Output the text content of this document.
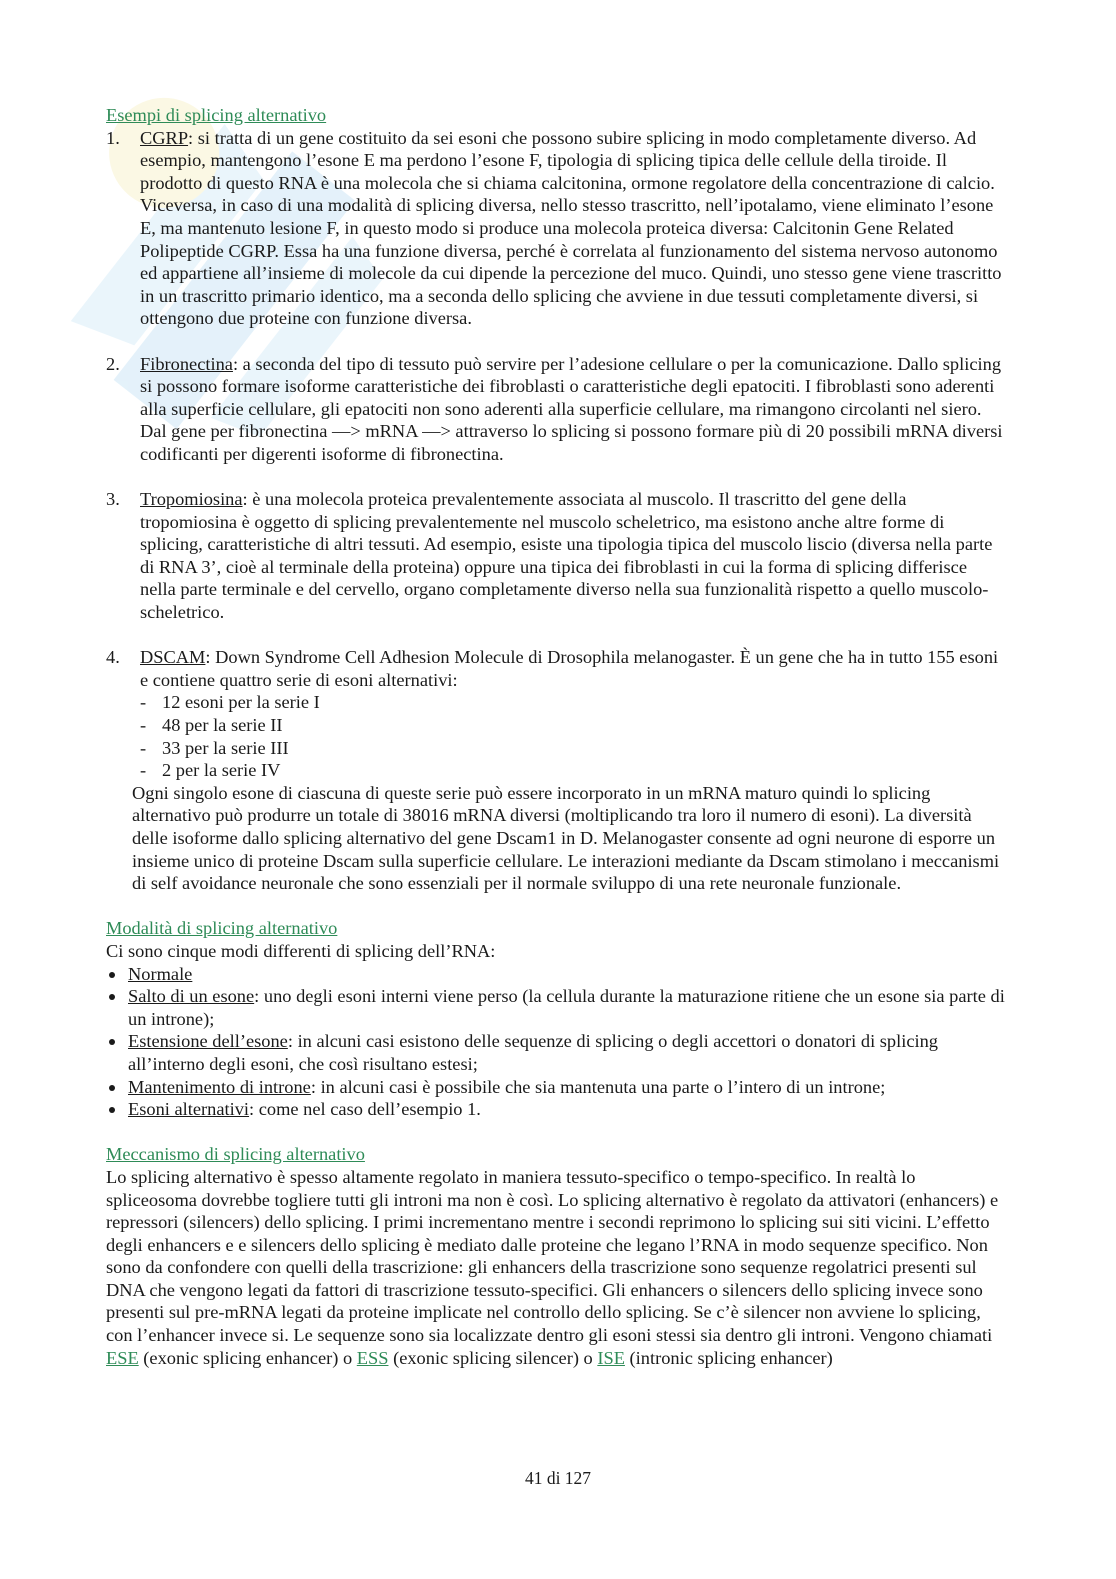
Esempi di splicing alternativo
1. CGRP: si tratta di un gene costituito da sei esoni che possono subire splicing in modo completamente diverso. Ad esempio, mantengono l’esone E ma perdono l’esone F, tipologia di splicing tipica delle cellule della tiroide. Il prodotto di questo RNA è una molecola che si chiama calcitonina, ormone regolatore della concentrazione di calcio. Viceversa, in caso di una modalità di splicing diversa, nello stesso trascritto, nell’ipotalamo, viene eliminato l’esone E, ma mantenuto lesione F, in questo modo si produce una molecola proteica diversa: Calcitonin Gene Related Polipeptide CGRP. Essa ha una funzione diversa, perché è correlata al funzionamento del sistema nervoso autonomo ed appartiene all’insieme di molecole da cui dipende la percezione del muco. Quindi, uno stesso gene viene trascritto in un trascritto primario identico, ma a seconda dello splicing che avviene in due tessuti completamente diversi, si ottengono due proteine con funzione diversa.
2. Fibronectina: a seconda del tipo di tessuto può servire per l’adesione cellulare o per la comunicazione. Dallo splicing si possono formare isoforme caratteristiche dei fibroblasti o caratteristiche degli epatociti. I fibroblasti sono aderenti alla superficie cellulare, gli epatociti non sono aderenti alla superficie cellulare, ma rimangono circolanti nel siero. Dal gene per fibronectina —> mRNA —> attraverso lo splicing si possono formare più di 20 possibili mRNA diversi codificanti per digerenti isoforme di fibronectina.
3. Tropomiosina: è una molecola proteica prevalentemente associata al muscolo. Il trascritto del gene della tropomiosina è oggetto di splicing prevalentemente nel muscolo scheletrico, ma esistono anche altre forme di splicing, caratteristiche di altri tessuti. Ad esempio, esiste una tipologia tipica del muscolo liscio (diversa nella parte di RNA 3’, cioè al terminale della proteina) oppure una tipica dei fibroblasti in cui la forma di splicing differisce nella parte terminale e del cervello, organo completamente diverso nella sua funzionalità rispetto a quello muscolo-scheletrico.
4. DSCAM: Down Syndrome Cell Adhesion Molecule di Drosophila melanogaster. È un gene che ha in tutto 155 esoni e contiene quattro serie di esoni alternativi:
- 12 esoni per la serie I
- 48 per la serie II
- 33 per la serie III
- 2 per la serie IV

Ogni singolo esone di ciascuna di queste serie può essere incorporato in un mRNA maturo quindi lo splicing alternativo può produrre un totale di 38016 mRNA diversi (moltiplicando tra loro il numero di esoni). La diversità delle isoforme dallo splicing alternativo del gene Dscam1 in D. Melanogaster consente ad ogni neurone di esporre un insieme unico di proteine Dscam sulla superficie cellulare. Le interazioni mediante da Dscam stimolano i meccanismi di self avoidance neuronale che sono essenziali per il normale sviluppo di una rete neuronale funzionale.

Modalità di splicing alternativo

Ci sono cinque modi differenti di splicing dell’RNA:

Normale
Salto di un esone: uno degli esoni interni viene perso (la cellula durante la maturazione ritiene che un esone sia parte di un introne);
Estensione dell’esone: in alcuni casi esistono delle sequenze di splicing o degli accettori o donatori di splicing all’interno degli esoni, che così risultano estesi;
Mantenimento di introne: in alcuni casi è possibile che sia mantenuta una parte o l’intero di un introne;
Esoni alternativi: come nel caso dell’esempio 1.
Meccanismo di splicing alternativo

Lo splicing alternativo è spesso altamente regolato in maniera tessuto-specifico o tempo-specifico. In realtà lo spliceosoma dovrebbe togliere tutti gli introni ma non è così. Lo splicing alternativo è regolato da attivatori (enhancers) e repressori (silencers) dello splicing. I primi incrementano mentre i secondi reprimono lo splicing sui siti vicini. L’effetto degli enhancers e e silencers dello splicing è mediato dalle proteine che legano l’RNA in modo sequenze specifico. Non sono da confondere con quelli della trascrizione: gli enhancers della trascrizione sono sequenze regolatrici presenti sul DNA che vengono legati da fattori di trascrizione tessuto-specifici. Gli enhancers o silencers dello splicing invece sono presenti sul pre-mRNA legati da proteine implicate nel controllo dello splicing. Se c’è silencer non avviene lo splicing, con l’enhancer invece si. Le sequenze sono sia localizzate dentro gli esoni stessi sia dentro gli introni. Vengono chiamati ESE (exonic splicing enhancer) o ESS (exonic splicing silencer) o ISE (intronic splicing enhancer)

41 di 127
